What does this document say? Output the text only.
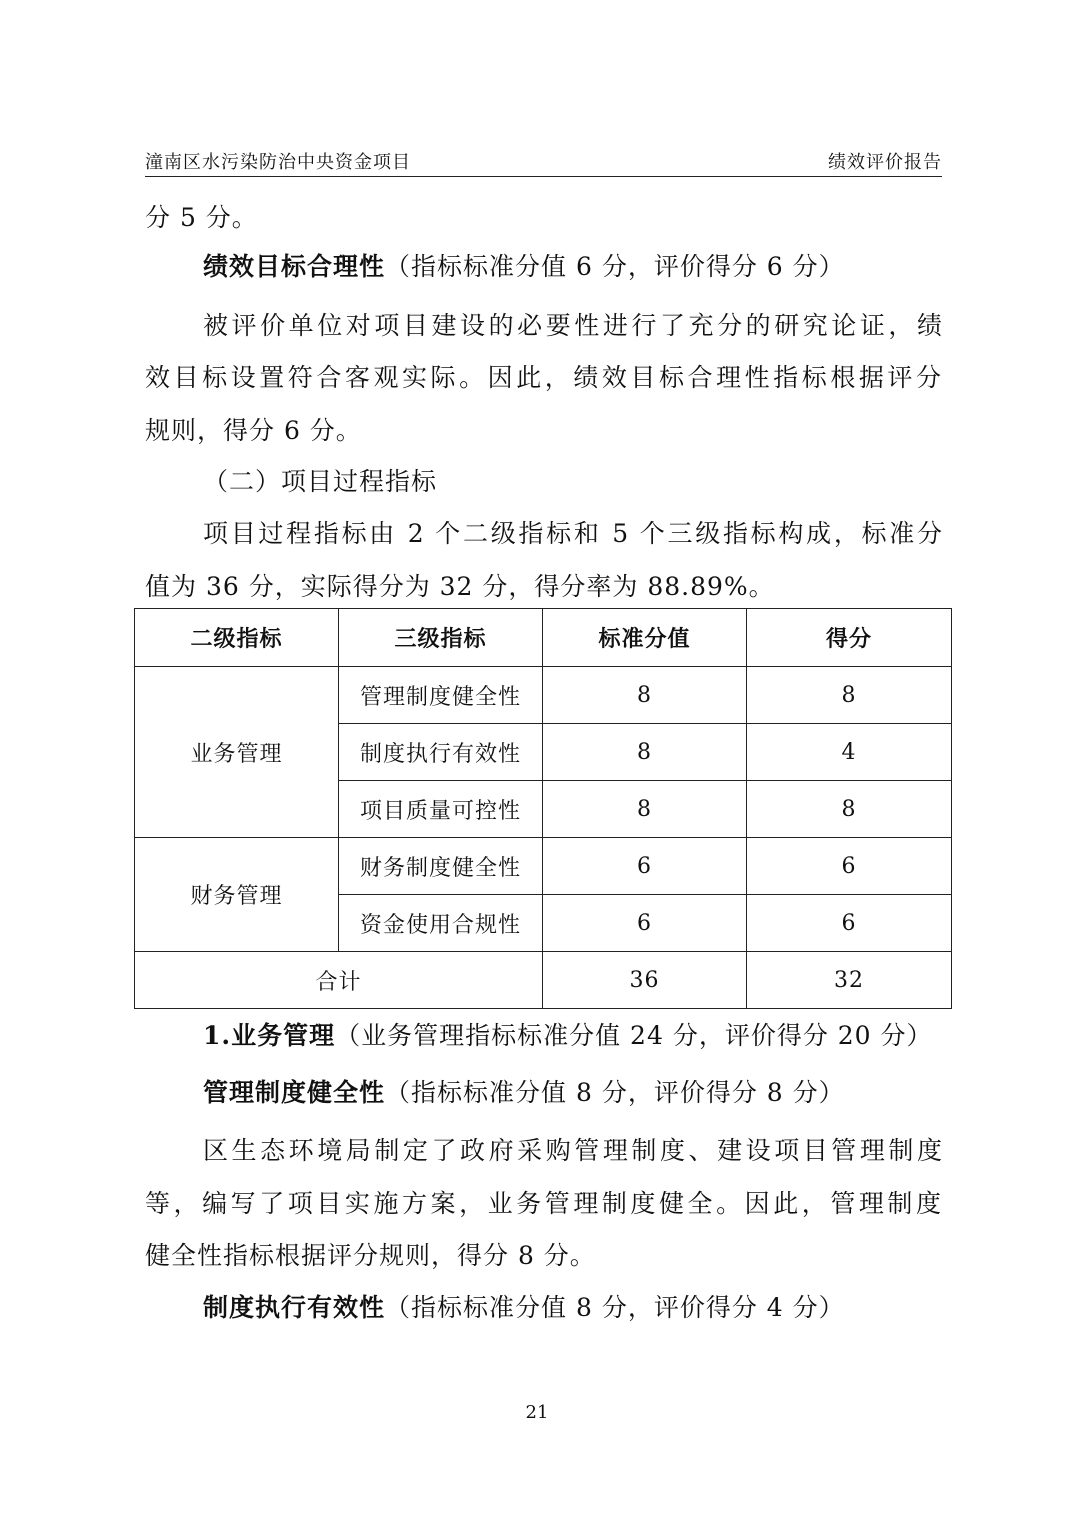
潼南区水污染防治中央资金项目	绩效评价报告
分 5 分。
绩效目标合理性（指标标准分值 6 分，评价得分 6 分）
被评价单位对项目建设的必要性进行了充分的研究论证，绩
效目标设置符合客观实际。因此，绩效目标合理性指标根据评分
规则，得分 6 分。
（二）项目过程指标
项目过程指标由 2 个二级指标和 5 个三级指标构成，标准分
值为 36 分，实际得分为 32 分，得分率为 88.89%。
二级指标	三级指标	标准分值	得分
业务管理	管理制度健全性	8	8
	制度执行有效性	8	4
	项目质量可控性	8	8
财务管理	财务制度健全性	6	6
	资金使用合规性	6	6
合计		36	32
1.业务管理（业务管理指标标准分值 24 分，评价得分 20 分）
管理制度健全性（指标标准分值 8 分，评价得分 8 分）
区生态环境局制定了政府采购管理制度、建设项目管理制度
等，编写了项目实施方案，业务管理制度健全。因此，管理制度
健全性指标根据评分规则，得分 8 分。
制度执行有效性（指标标准分值 8 分，评价得分 4 分）
21
